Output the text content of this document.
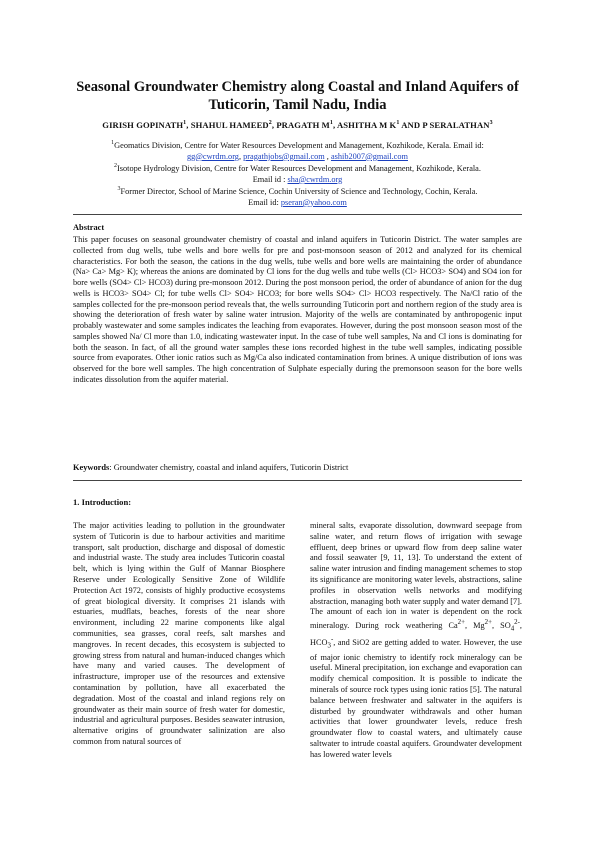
Seasonal Groundwater Chemistry along Coastal and Inland Aquifers of Tuticorin, Tamil Nadu, India
GIRISH GOPINATH$^1$, SHAHUL HAMEED$^2$, PRAGATH $M^1$, ASHITHA M $K^1$ AND P SERALATHAN$^3$
$^1$Geomatics Division, Centre for Water Resources Development and Management, Kozhikode, Kerala. Email id:
gg@cwrdm.org, pragathjobs@gmail.com , ashib2007@gmail.com
$^2$Isotope Hydrology Division, Centre for Water Resources Development and Management, Kozhikode, Kerala.
Email id : sha@cwrdm.org
$^3$Former Director, School of Marine Science, Cochin University of Science and Technology, Cochin, Kerala.
Email id: pseran@yahoo.com
Abstract
This paper focuses on seasonal groundwater chemistry of coastal and inland aquifers in Tuticorin District. The water samples are collected from dug wells, tube wells and bore wells for pre and post-monsoon season of 2012 and analyzed for its chemical characteristics. For both the season, the cations in the dug wells, tube wells and bore wells are maintaining the order of abundance (Na> Ca> Mg> K); whereas the anions are dominated by Cl ions for the dug wells and tube wells (Cl> HCO3> SO4) and SO4 ion for bore wells (SO4> Cl> HCO3) during pre-monsoon 2012. During the post monsoon period, the order of abundance of anion for the dug wells is HCO3> SO4> Cl; for tube wells Cl> SO4> HCO3; for bore wells SO4> Cl> HCO3 respectively. The Na/Cl ratio of the samples collected for the pre-monsoon period reveals that, the wells surrounding Tuticorin port and northern region of the study area is showing the deterioration of fresh water by saline water intrusion. Majority of the wells are contaminated by anthropogenic input probably wastewater and some samples indicates the leaching from evaporates. However, during the post monsoon season most of the samples showed Na/ Cl more than 1.0, indicating wastewater input. In the case of tube well samples, Na and Cl ions is dominating for both the season. In fact, of all the ground water samples these ions recorded highest in the tube well samples, indicating possible source from evaporates. Other ionic ratios such as Mg/Ca also indicated contamination from brines. A unique distribution of ions was observed for the bore well samples. The high concentration of Sulphate especially during the premonsoon season for the bore wells indicates dissolution from the aquifer material.
Keywords: Groundwater chemistry, coastal and inland aquifers, Tuticorin District
1. Introduction:

The major activities leading to pollution in the groundwater system of Tuticorin is due to harbour activities and maritime transport, salt production, discharge and disposal of domestic and industrial waste. The study area includes Tuticorin coastal belt, which is lying within the Gulf of Mannar Biosphere Reserve under Ecologically Sensitive Zone of Wildlife Protection Act 1972, consists of highly productive ecosystems of great biological diversity. It comprises 21 islands with estuaries, mudflats, beaches, forests of the near shore environment, including 22 marine components like algal communities, sea grasses, coral reefs, salt marshes and mangroves. In recent decades, this ecosystem is subjected to growing stress from natural and human-induced changes which have many and varied causes. The development of infrastructure, improper use of the resources and extensive contamination by pollution, have all exacerbated the degradation. Most of the coastal and inland regions rely on groundwater as their main source of fresh water for domestic, industrial and agricultural purposes. Besides seawater intrusion, alternative origins of groundwater salinization are also common from natural sources of

mineral salts, evaporate dissolution, downward seepage from saline water, and return flows of irrigation with sewage effluent, deep brines or upward flow from deep saline water and fossil seawater [9, 11, 13]. To understand the extent of saline water intrusion and finding management schemes to stop its significance are monitoring water levels, abstractions, saline profiles in observation wells networks and modifying abstraction, managing both water supply and water demand [7]. The amount of each ion in water is dependent on the rock mineralogy. During rock weathering $Ca^{2+}$, $Mg^{2+}$, $SO_4^{2-}$, $HCO_3^-$, and SiO2 are getting added to water. However, the use of major ionic chemistry to identify rock mineralogy can be useful. Mineral precipitation, ion exchange and evaporation can modify chemical composition. It is possible to indicate the minerals of source rock types using ionic ratios [5]. The natural balance between freshwater and saltwater in the aquifers is disturbed by groundwater withdrawals and other human activities that lower groundwater levels, reduce fresh groundwater flow to coastal waters, and ultimately cause saltwater to intrude coastal aquifers. Groundwater development has lowered water levels
